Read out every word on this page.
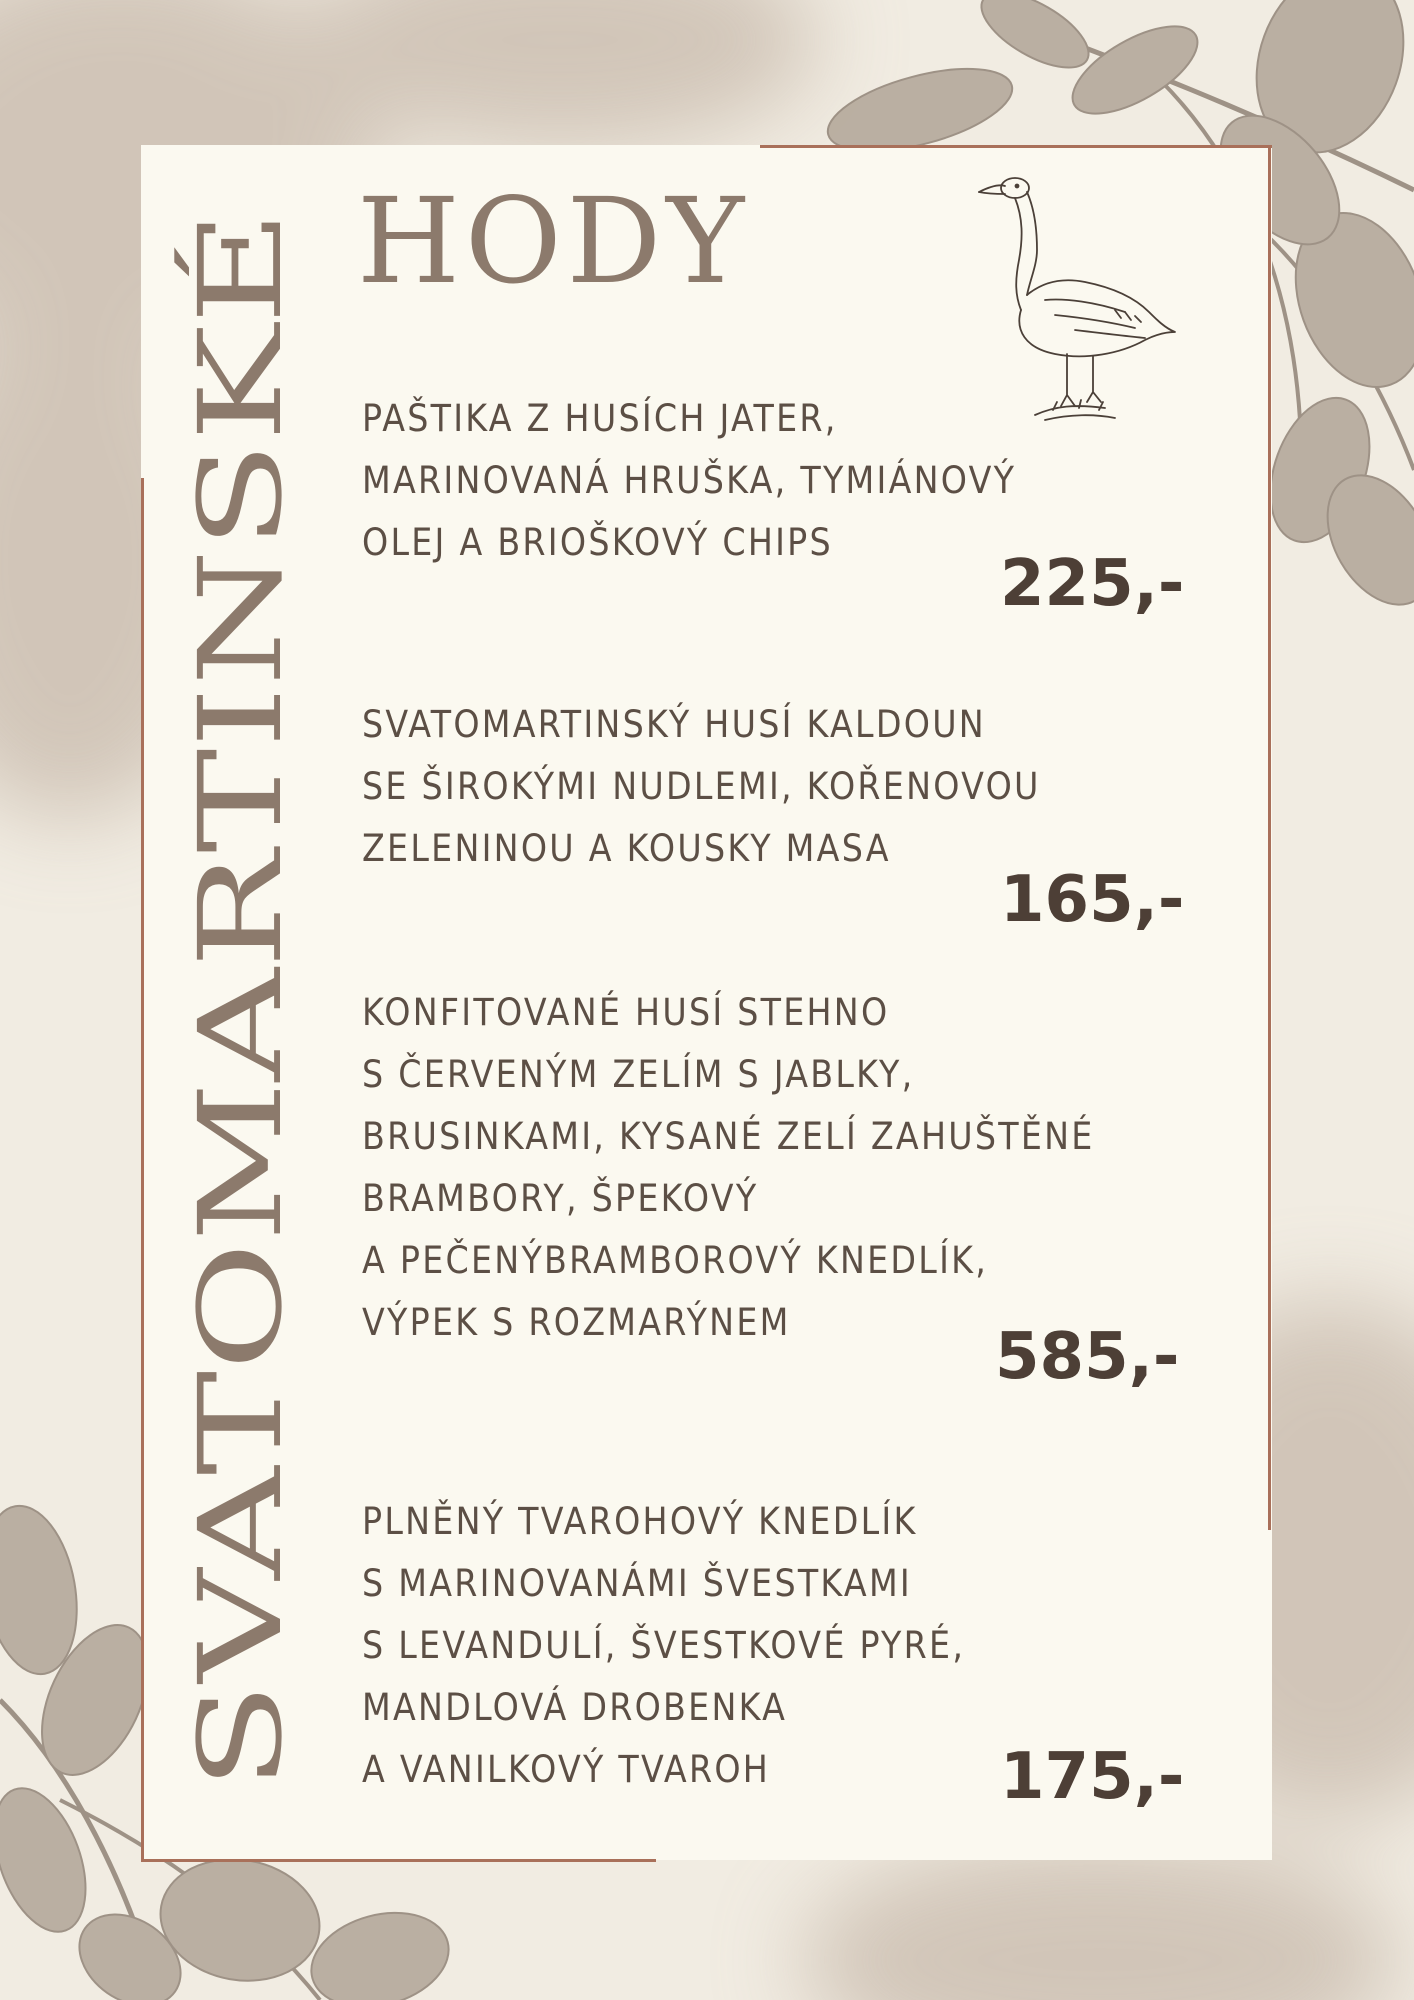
SVATOMARTINSKÉ
HODY
PAŠTIKA Z HUSÍCH JATER,
MARINOVANÁ HRUŠKA, TYMIÁNOVÝ
OLEJ A BRIOŠKOVÝ CHIPS
225,-
SVATOMARTINSKÝ HUSÍ KALDOUN
SE ŠIROKÝMI NUDLEMI, KOŘENOVOU
ZELENINOU A KOUSKY MASA
165,-
KONFITOVANÉ HUSÍ STEHNO
S ČERVENÝM ZELÍM S JABLKY,
BRUSINKAMI, KYSANÉ ZELÍ ZAHUŠTĚNÉ
BRAMBORY, ŠPEKOVÝ
A PEČENÝBRAMBOROVÝ KNEDLÍK,
VÝPEK S ROZMARÝNEM	585,-
PLNĚNÝ TVAROHOVÝ KNEDLÍK
S MARINOVANÁMI ŠVESTKAMI
S LEVANDULÍ, ŠVESTKOVÉ PYRÉ,
MANDLOVÁ DROBENKA
A VANILKOVÝ TVAROH	175,-
